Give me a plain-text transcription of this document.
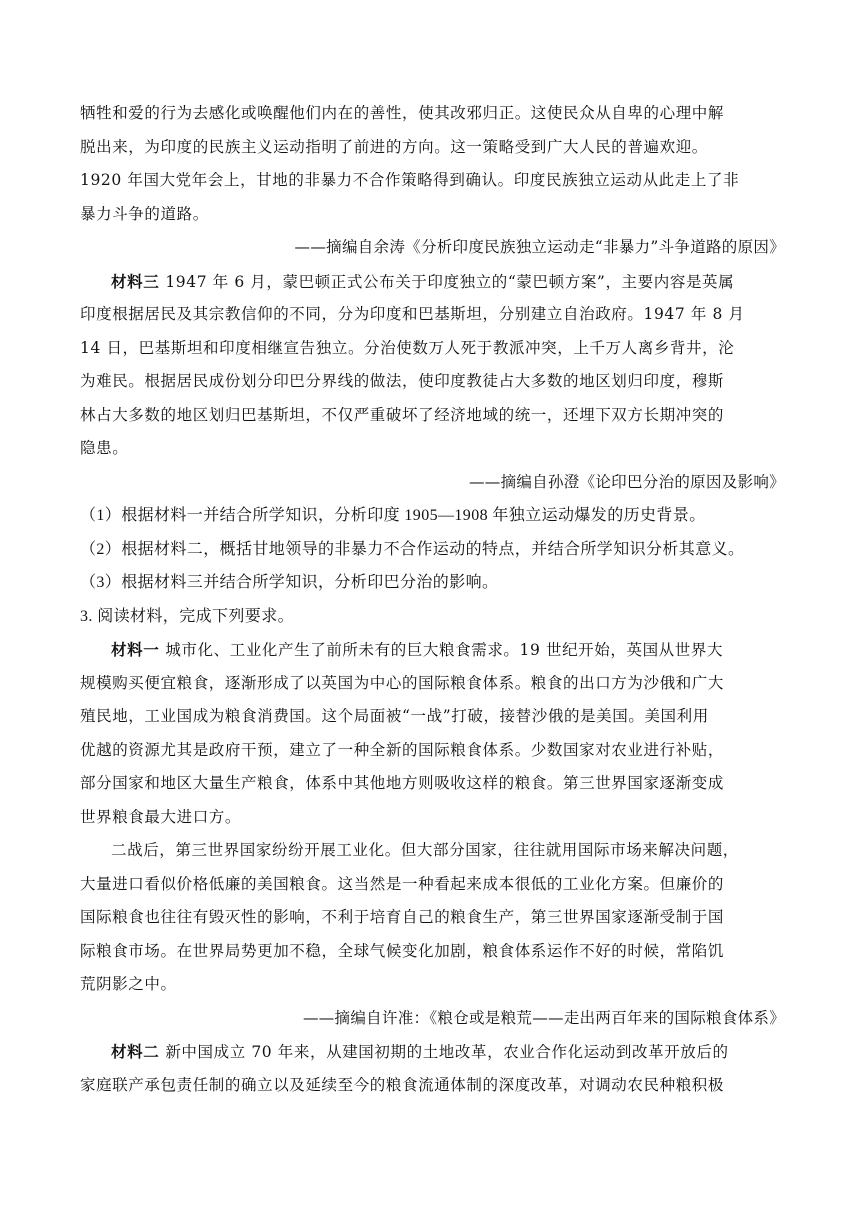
牺牲和爱的行为去感化或唤醒他们内在的善性，使其改邪归正。这使民众从自卑的心理中解
脱出来，为印度的民族主义运动指明了前进的方向。这一策略受到广大人民的普遍欢迎。
1920 年国大党年会上，甘地的非暴力不合作策略得到确认。印度民族独立运动从此走上了非
暴力斗争的道路。
——摘编自余涛《分析印度民族独立运动走“非暴力”斗争道路的原因》
材料三 1947 年 6 月，蒙巴顿正式公布关于印度独立的“蒙巴顿方案”，主要内容是英属
印度根据居民及其宗教信仰的不同，分为印度和巴基斯坦，分别建立自治政府。1947 年 8 月
14 日，巴基斯坦和印度相继宣告独立。分治使数万人死于教派冲突，上千万人离乡背井，沦
为难民。根据居民成份划分印巴分界线的做法，使印度教徒占大多数的地区划归印度，穆斯
林占大多数的地区划归巴基斯坦，不仅严重破坏了经济地域的统一，还埋下双方长期冲突的
隐患。
——摘编自孙澄《论印巴分治的原因及影响》
（1）根据材料一并结合所学知识，分析印度 1905—1908 年独立运动爆发的历史背景。
（2）根据材料二，概括甘地领导的非暴力不合作运动的特点，并结合所学知识分析其意义。
（3）根据材料三并结合所学知识，分析印巴分治的影响。
3. 阅读材料，完成下列要求。
材料一 城市化、工业化产生了前所未有的巨大粮食需求。19 世纪开始，英国从世界大
规模购买便宜粮食，逐渐形成了以英国为中心的国际粮食体系。粮食的出口方为沙俄和广大
殖民地，工业国成为粮食消费国。这个局面被“一战”打破，接替沙俄的是美国。美国利用
优越的资源尤其是政府干预，建立了一种全新的国际粮食体系。少数国家对农业进行补贴，
部分国家和地区大量生产粮食，体系中其他地方则吸收这样的粮食。第三世界国家逐渐变成
世界粮食最大进口方。
二战后，第三世界国家纷纷开展工业化。但大部分国家，往往就用国际市场来解决问题，
大量进口看似价格低廉的美国粮食。这当然是一种看起来成本很低的工业化方案。但廉价的
国际粮食也往往有毁灭性的影响，不利于培育自己的粮食生产，第三世界国家逐渐受制于国
际粮食市场。在世界局势更加不稳，全球气候变化加剧，粮食体系运作不好的时候，常陷饥
荒阴影之中。
——摘编自许准：《粮仓或是粮荒——走出两百年来的国际粮食体系》
材料二 新中国成立 70 年来，从建国初期的土地改革，农业合作化运动到改革开放后的
家庭联产承包责任制的确立以及延续至今的粮食流通体制的深度改革，对调动农民种粮积极
